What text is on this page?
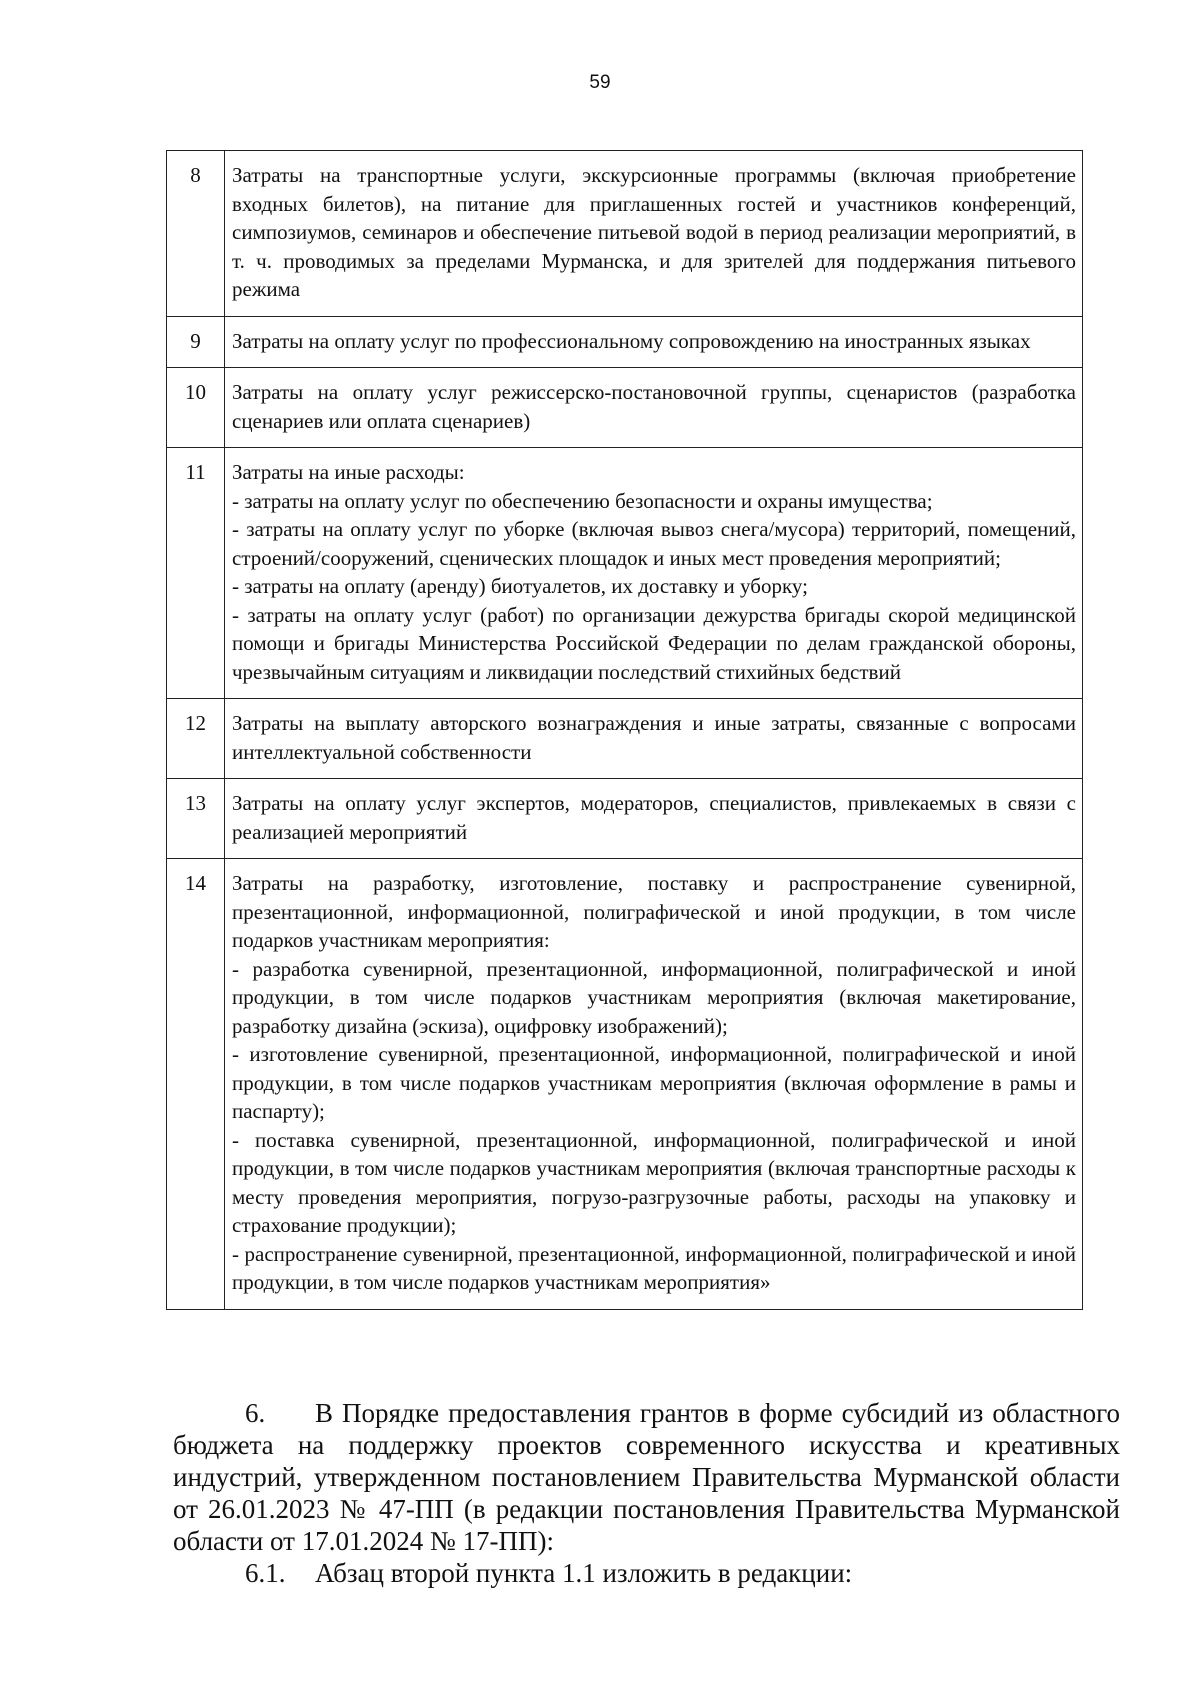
59
8	Затраты на транспортные услуги, экскурсионные программы (включая приобретение входных билетов), на питание для приглашенных гостей и участников конференций, симпозиумов, семинаров и обеспечение питьевой водой в период реализации мероприятий, в т. ч. проводимых за пределами Мурманска, и для зрителей для поддержания питьевого режима
9	Затраты на оплату услуг по профессиональному сопровождению на иностранных языках
10	Затраты на оплату услуг режиссерско-постановочной группы, сценаристов (разработка сценариев или оплата сценариев)
11	Затраты на иные расходы:
- затраты на оплату услуг по обеспечению безопасности и охраны имущества;
- затраты на оплату услуг по уборке (включая вывоз снега/мусора) территорий, помещений, строений/сооружений, сценических площадок и иных мест проведения мероприятий;
- затраты на оплату (аренду) биотуалетов, их доставку и уборку;
- затраты на оплату услуг (работ) по организации дежурства бригады скорой медицинской помощи и бригады Министерства Российской Федерации по делам гражданской обороны, чрезвычайным ситуациям и ликвидации последствий стихийных бедствий

12	Затраты на выплату авторского вознаграждения и иные затраты, связанные с вопросами интеллектуальной собственности
13	Затраты на оплату услуг экспертов, модераторов, специалистов, привлекаемых в связи с реализацией мероприятий
14	Затраты на разработку, изготовление, поставку и распространение сувенирной, презентационной, информационной, полиграфической и иной продукции, в том числе подарков участникам мероприятия:
- разработка сувенирной, презентационной, информационной, полиграфической и иной продукции, в том числе подарков участникам мероприятия (включая макетирование, разработку дизайна (эскиза), оцифровку изображений);
- изготовление сувенирной, презентационной, информационной, полиграфической и иной продукции, в том числе подарков участникам мероприятия (включая оформление в рамы и паспарту);
- поставка сувенирной, презентационной, информационной, полиграфической и иной продукции, в том числе подарков участникам мероприятия (включая транспортные расходы к месту проведения мероприятия, погрузо-разгрузочные работы, расходы на упаковку и страхование продукции);
- распространение сувенирной, презентационной, информационной, полиграфической и иной продукции, в том числе подарков участникам мероприятия»
6. В Порядке предоставления грантов в форме субсидий из областного бюджета на поддержку проектов современного искусства и креативных индустрий, утвержденном постановлением Правительства Мурманской области от 26.01.2023 № 47-ПП (в редакции постановления Правительства Мурманской области от 17.01.2024 № 17-ПП):
6.1. Абзац второй пункта 1.1 изложить в редакции:
